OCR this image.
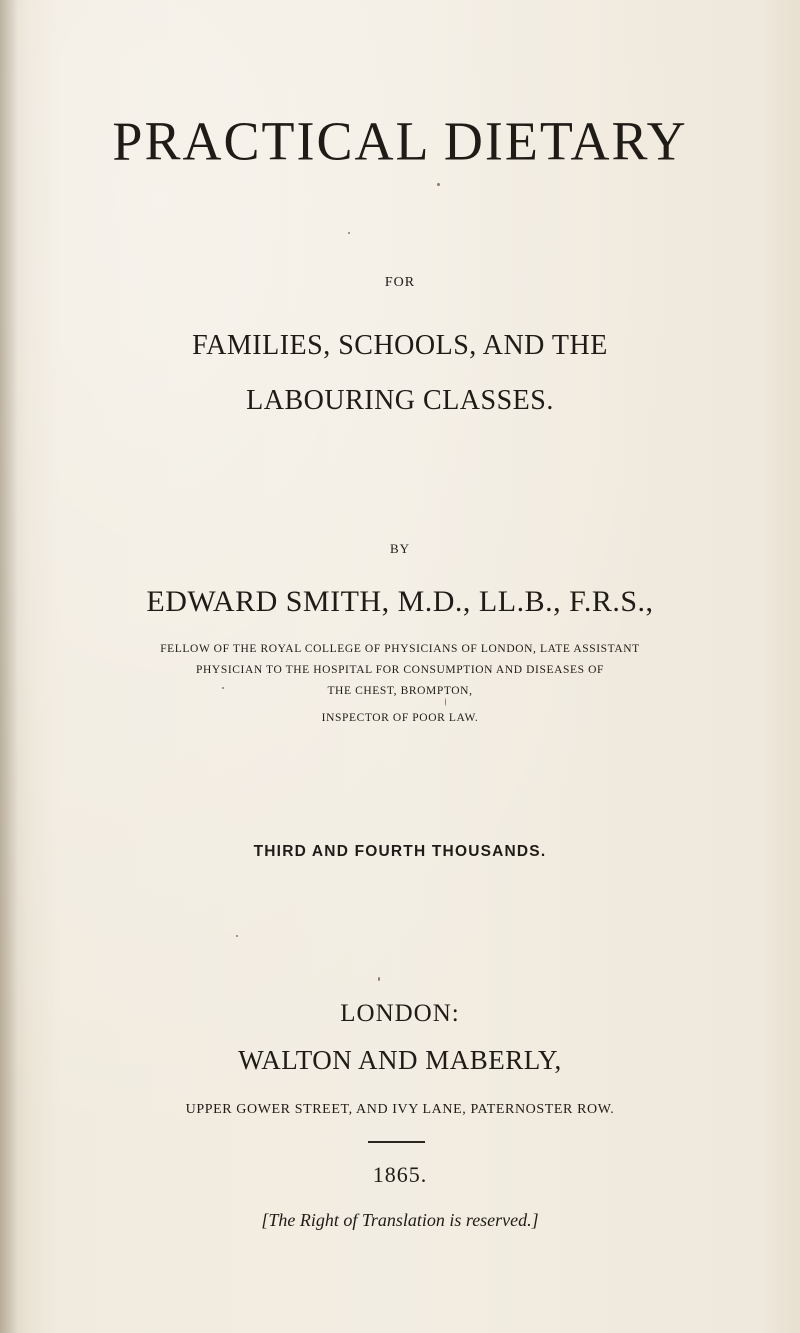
PRACTICAL DIETARY
FOR
FAMILIES, SCHOOLS, AND THE
LABOURING CLASSES.
BY
EDWARD SMITH, M.D., LL.B., F.R.S.,
FELLOW OF THE ROYAL COLLEGE OF PHYSICIANS OF LONDON, LATE ASSISTANT
PHYSICIAN TO THE HOSPITAL FOR CONSUMPTION AND DISEASES OF
THE CHEST, BROMPTON,
INSPECTOR OF POOR LAW.
THIRD AND FOURTH THOUSANDS.
LONDON:
WALTON AND MABERLY,
UPPER GOWER STREET, AND IVY LANE, PATERNOSTER ROW.
1865.
[The Right of Translation is reserved.]
